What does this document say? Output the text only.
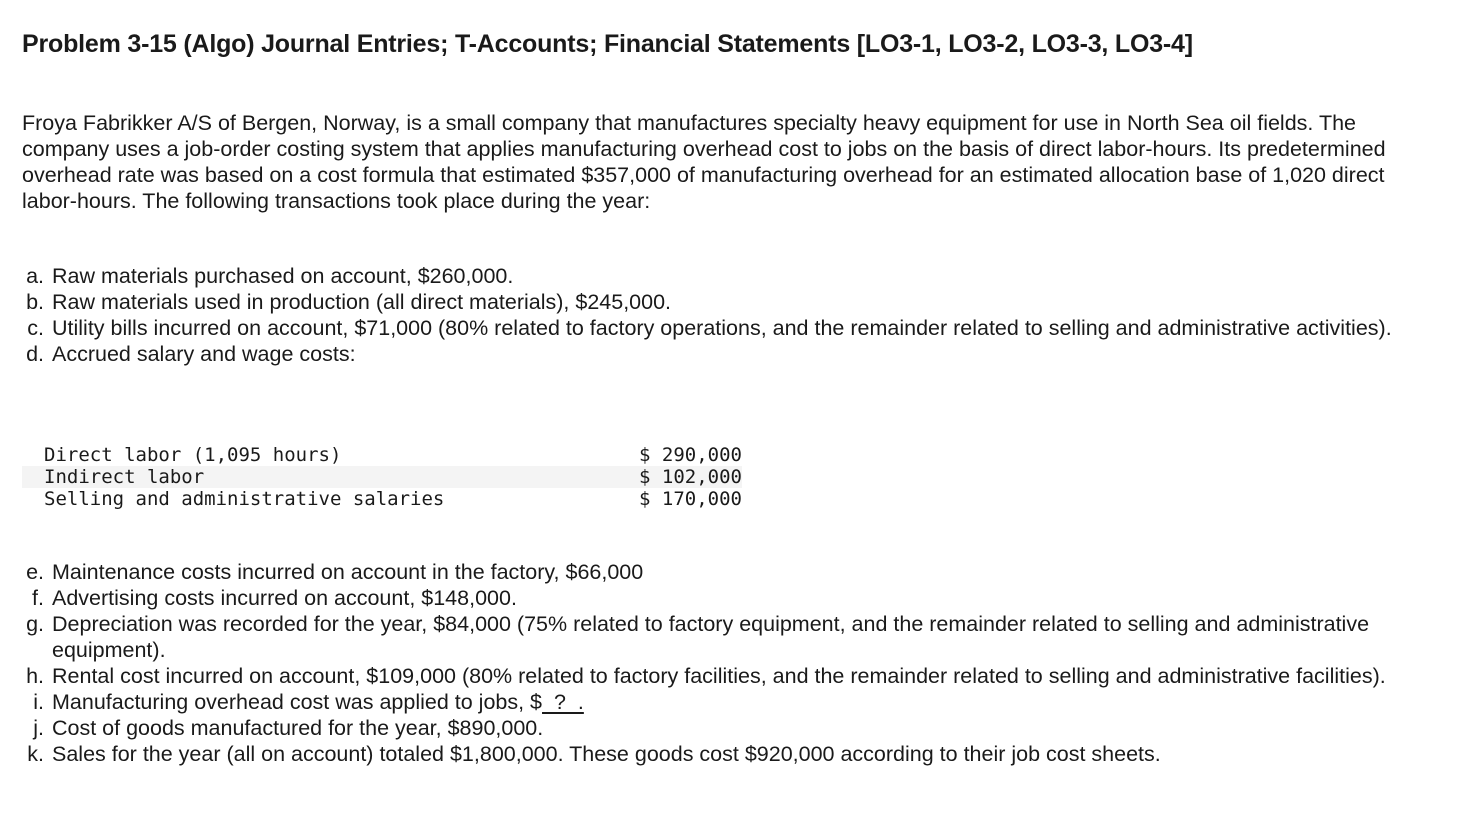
Problem 3-15 (Algo) Journal Entries; T-Accounts; Financial Statements [LO3-1, LO3-2, LO3-3, LO3-4]

Froya Fabrikker A/S of Bergen, Norway, is a small company that manufactures specialty heavy equipment for use in North Sea oil fields. The company uses a job-order costing system that applies manufacturing overhead cost to jobs on the basis of direct labor-hours. Its predetermined overhead rate was based on a cost formula that estimated $357,000 of manufacturing overhead for an estimated allocation base of 1,020 direct labor-hours. The following transactions took place during the year:

a. Raw materials purchased on account, $260,000.
b. Raw materials used in production (all direct materials), $245,000.
c. Utility bills incurred on account, $71,000 (80% related to factory operations, and the remainder related to selling and administrative activities).
d. Accrued salary and wage costs:
Direct labor (1,095 hours)	$ 290,000
Indirect labor	$ 102,000
Selling and administrative salaries	$ 170,000
e. Maintenance costs incurred on account in the factory, $66,000
f. Advertising costs incurred on account, $148,000.
g. Depreciation was recorded for the year, $84,000 (75% related to factory equipment, and the remainder related to selling and administrative equipment).
h. Rental cost incurred on account, $109,000 (80% related to factory facilities, and the remainder related to selling and administrative facilities).
i. Manufacturing overhead cost was applied to jobs, $  ?  .
j. Cost of goods manufactured for the year, $890,000.
k. Sales for the year (all on account) totaled $1,800,000. These goods cost $920,000 according to their job cost sheets.
